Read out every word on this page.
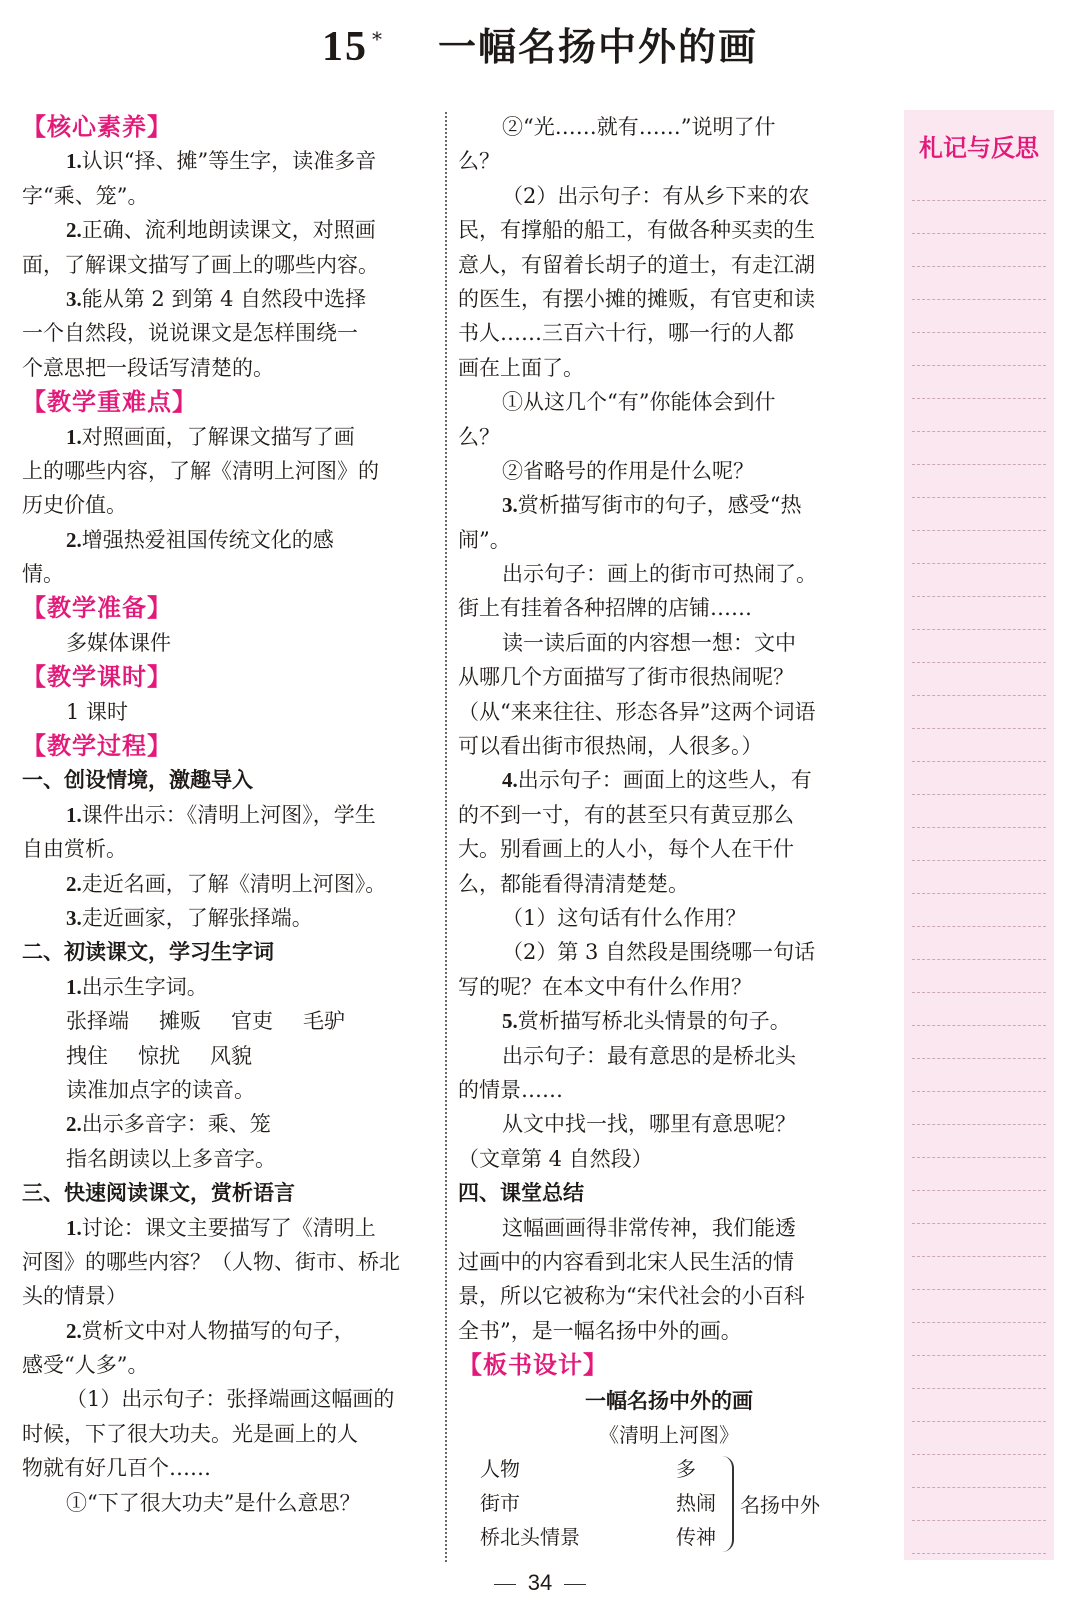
15 * 一幅名扬中外的画
【核心素养】
1.认识“择、摊”等生字，读准多音
字“乘、笼”。
2.正确、流利地朗读课文，对照画
面，了解课文描写了画上的哪些内容。
3.能从第 2 到第 4 自然段中选择
一个自然段，说说课文是怎样围绕一
个意思把一段话写清楚的。
【教学重难点】
1.对照画面，了解课文描写了画
上的哪些内容，了解《清明上河图》的
历史价值。
2.增强热爱祖国传统文化的感
情。
【教学准备】
多媒体课件
【教学课时】
1 课时
【教学过程】
一、创设情境，激趣导入
1.课件出示：《清明上河图》，学生
自由赏析。
2.走近名画，了解《清明上河图》。
3.走近画家，了解张择端。
二、初读课文，学习生字词
1.出示生字词。
张择端 摊贩 官吏 毛驴
拽住 惊扰 风貌
读准加点字的读音。
2.出示多音字：乘、笼
指名朗读以上多音字。
三、快速阅读课文，赏析语言
1.讨论：课文主要描写了《清明上
河图》的哪些内容？（人物、街市、桥北
头的情景）
2.赏析文中对人物描写的句子，
感受“人多”。
（1）出示句子：张择端画这幅画的
时候，下了很大功夫。光是画上的人
物就有好几百个……
①“下了很大功夫”是什么意思？
②“光……就有……”说明了什
么？
（2）出示句子：有从乡下来的农
民，有撑船的船工，有做各种买卖的生
意人，有留着长胡子的道士，有走江湖
的医生，有摆小摊的摊贩，有官吏和读
书人……三百六十行，哪一行的人都
画在上面了。
①从这几个“有”你能体会到什
么？
②省略号的作用是什么呢？
3.赏析描写街市的句子，感受“热
闹”。
出示句子：画上的街市可热闹了。
街上有挂着各种招牌的店铺……
读一读后面的内容想一想：文中
从哪几个方面描写了街市很热闹呢？
（从“来来往往、形态各异”这两个词语
可以看出街市很热闹，人很多。）
4.出示句子：画面上的这些人，有
的不到一寸，有的甚至只有黄豆那么
大。别看画上的人小，每个人在干什
么，都能看得清清楚楚。
（1）这句话有什么作用？
（2）第 3 自然段是围绕哪一句话
写的呢？在本文中有什么作用？
5.赏析描写桥北头情景的句子。
出示句子：最有意思的是桥北头
的情景……
从文中找一找，哪里有意思呢？
（文章第 4 自然段）
四、课堂总结
这幅画画得非常传神，我们能透
过画中的内容看到北宋人民生活的情
景，所以它被称为“宋代社会的小百科
全书”，是一幅名扬中外的画。
【板书设计】
一幅名扬中外的画
《清明上河图》
人物	多
街市	热闹
桥北头情景	传神
名扬中外
札记与反思
34
